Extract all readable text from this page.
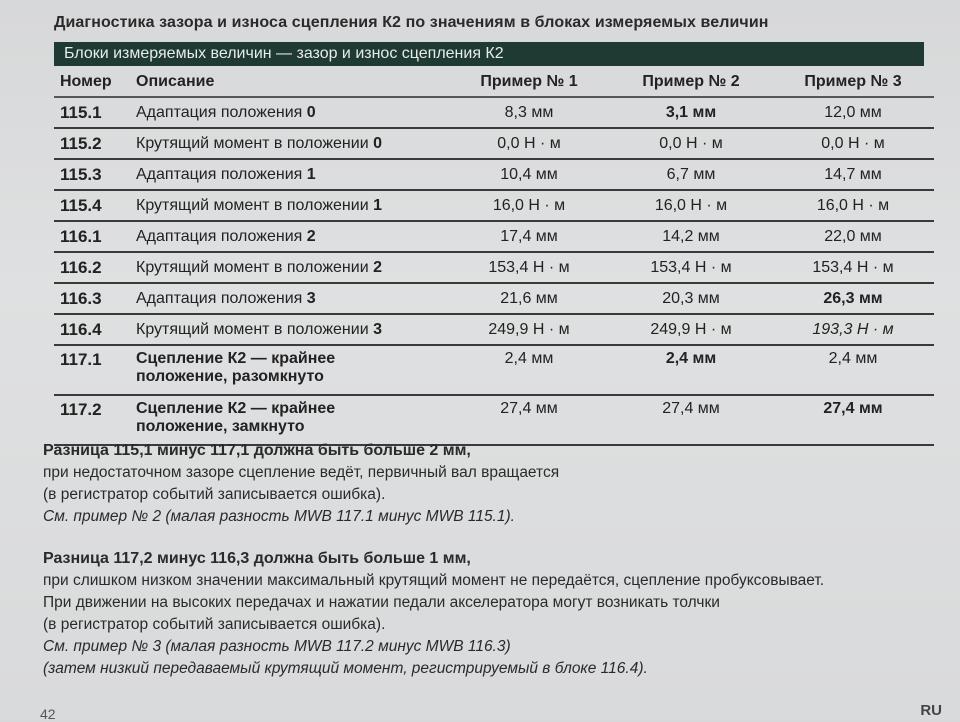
Диагностика зазора и износа сцепления К2 по значениям в блоках измеряемых величин
Блоки измеряемых величин — зазор и износ сцепления К2
Номер	Описание	Пример № 1	Пример № 2	Пример № 3
115.1	Адаптация положения 0	8,3 мм	3,1 мм	12,0 мм
115.2	Крутящий момент в положении 0	0,0 Н · м	0,0 Н · м	0,0 Н · м
115.3	Адаптация положения 1	10,4 мм	6,7 мм	14,7 мм
115.4	Крутящий момент в положении 1	16,0 Н · м	16,0 Н · м	16,0 Н · м
116.1	Адаптация положения 2	17,4 мм	14,2 мм	22,0 мм
116.2	Крутящий момент в положении 2	153,4 Н · м	153,4 Н · м	153,4 Н · м
116.3	Адаптация положения 3	21,6 мм	20,3 мм	26,3 мм
116.4	Крутящий момент в положении 3	249,9 Н · м	249,9 Н · м	193,3 Н · м
117.1	Сцепление К2 — крайнее
положение, разомкнуто	2,4 мм	2,4 мм	2,4 мм
117.2	Сцепление К2 — крайнее
положение, замкнуто	27,4 мм	27,4 мм	27,4 мм
Разница 115,1 минус 117,1 должна быть больше 2 мм,
при недостаточном зазоре сцепление ведёт, первичный вал вращается
(в регистратор событий записывается ошибка).
См. пример № 2 (малая разность MWB 117.1 минус MWB 115.1).
Разница 117,2 минус 116,3 должна быть больше 1 мм,
при слишком низком значении максимальный крутящий момент не передаётся, сцепление пробуксовывает.
При движении на высоких передачах и нажатии педали акселератора могут возникать толчки
(в регистратор событий записывается ошибка).
См. пример № 3 (малая разность MWB 117.2 минус MWB 116.3)
(затем низкий передаваемый крутящий момент, регистрируемый в блоке 116.4).
42	RU
